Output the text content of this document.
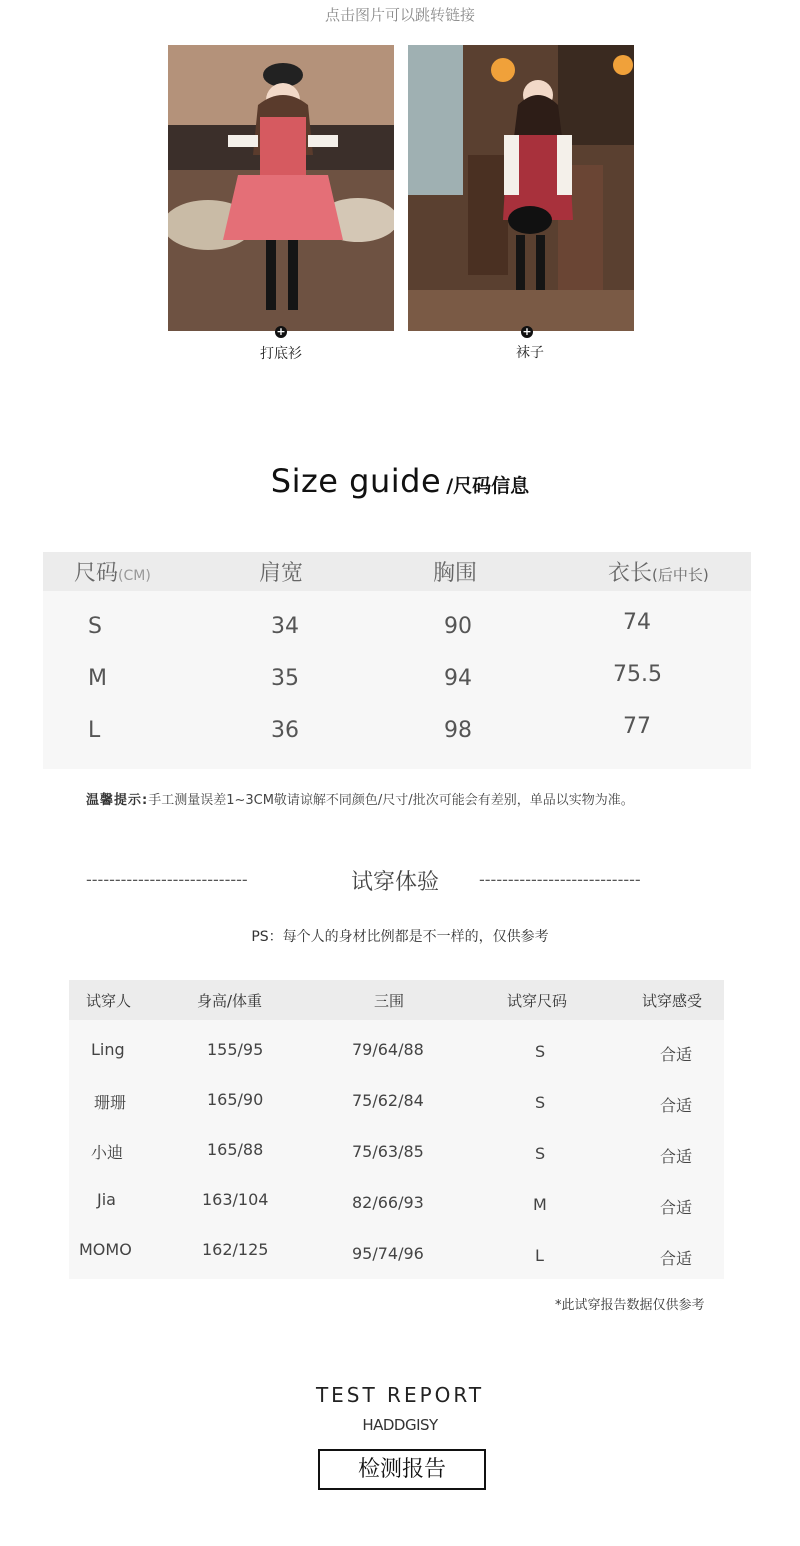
点击图片可以跳转链接
+
打底衫
+
袜子
Size guide /尺码信息
尺码(CM)	肩宽	胸围	衣长(后中长)
S	34	90	74
M	35	94	75.5
L	36	98	77
温馨提示:手工测量误差1~3CM敬请谅解不同颜色/尺寸/批次可能会有差别，单品以实物为准。
----------------------------	试穿体验 ----------------------------
PS：每个人的身材比例都是不一样的，仅供参考
试穿人	身高/体重	三围	试穿尺码	试穿感受
Ling	155/95	79/64/88	S	合适
珊珊	165/90	75/62/84	S	合适
小迪	165/88	75/63/85	S	合适
Jia	163/104	82/66/93	M	合适
MOMO	162/125	95/74/96	L	合适
*此试穿报告数据仅供参考
TEST REPORT
HADDGISY
检测报告
